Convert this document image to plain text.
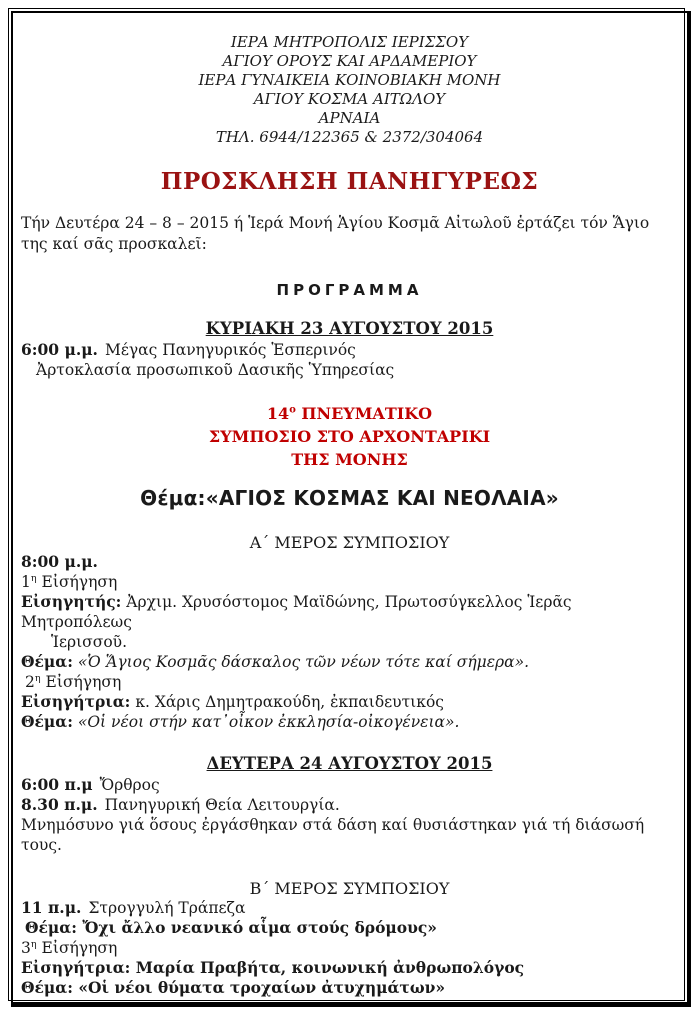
ΙΕΡΑ ΜΗΤΡΟΠΟΛΙΣ ΙΕΡΙΣΣΟΥ
ΑΓΙΟΥ ΟΡΟΥΣ ΚΑΙ ΑΡΔΑΜΕΡΙΟΥ
ΙΕΡΑ ΓΥΝΑΙΚΕΙΑ ΚΟΙΝΟΒΙΑΚΗ ΜΟΝΗ
ΑΓΙΟΥ ΚΟΣΜΑ ΑΙΤΩΛΟΥ
ΑΡΝΑΙΑ
ΤΗΛ. 6944/122365 & 2372/304064
ΠΡΟΣΚΛΗΣΗ ΠΑΝΗΓΥΡΕΩΣ

Τήν Δευτέρα 24 – 8 – 2015 ή Ἱερά Μονή Ἁγίου Κοσμᾶ Αἰτωλοῦ ἑρτάζει τόν Ἅγιο της καί σᾶς προσκαλεῖ:

ΠΡΟΓΡΑΜΜΑ
ΚΥΡΙΑΚΗ 23 ΑΥΓΟΥΣΤΟΥ 2015
6:00 μ.μ. Μέγας Πανηγυρικός Ἑσπερινός
Ἀρτοκλασία προσωπικοῦ Δασικῆς Ὑπηρεσίας
$14^o$ ΠΝΕΥΜΑΤΙΚΟ
ΣΥΜΠΟΣΙΟ ΣΤΟ ΑΡΧΟΝΤΑΡΙΚΙ
ΤΗΣ ΜΟΝΗΣ
Θέμα:«ΑΓΙΟΣ ΚΟΣΜΑΣ ΚΑΙ ΝΕΟΛΑΙΑ»
Α΄ ΜΕΡΟΣ ΣΥΜΠΟΣΙΟΥ
8:00 μ.μ.
$1^\eta$ Εἰσήγηση
Εἰσηγητής: Ἀρχιμ. Χρυσόστομος Μαϊδώνης, Πρωτοσύγκελλος Ἱερᾶς Μητροπόλεως
Ἱερισσοῦ.
Θέμα: «Ὁ Ἅγιος Κοσμᾶς δάσκαλος τῶν νέων τότε καί σήμερα».
$2^\eta$ Εἰσήγηση
Εἰσηγήτρια: κ. Χάρις Δημητρακούδη, ἐκπαιδευτικός
Θέμα: «Οἱ νέοι στήν κατ᾽οἶκον ἐκκλησία-οἰκογένεια».
ΔΕΥΤΕΡΑ 24 ΑΥΓΟΥΣΤΟΥ 2015
6:00 π.μ Ὄρθρος
8.30 π.μ. Πανηγυρική Θεία Λειτουργία.
Μνημόσυνο γιά ὅσους ἐργάσθηκαν στά δάση καί θυσιάστηκαν γιά τή διάσωσή τους.
Β΄ ΜΕΡΟΣ ΣΥΜΠΟΣΙΟΥ
11 π.μ. Στρογγυλή Τράπεζα
Θέμα: Ὄχι ἄλλο νεανικό αἷμα στούς δρόμους»
$3^\eta$ Εἰσήγηση
Εἰσηγήτρια: Μαρία Πραβήτα, κοινωνική ἀνθρωπολόγος
Θέμα: «Οἱ νέοι θύματα τροχαίων ἀτυχημάτων»
